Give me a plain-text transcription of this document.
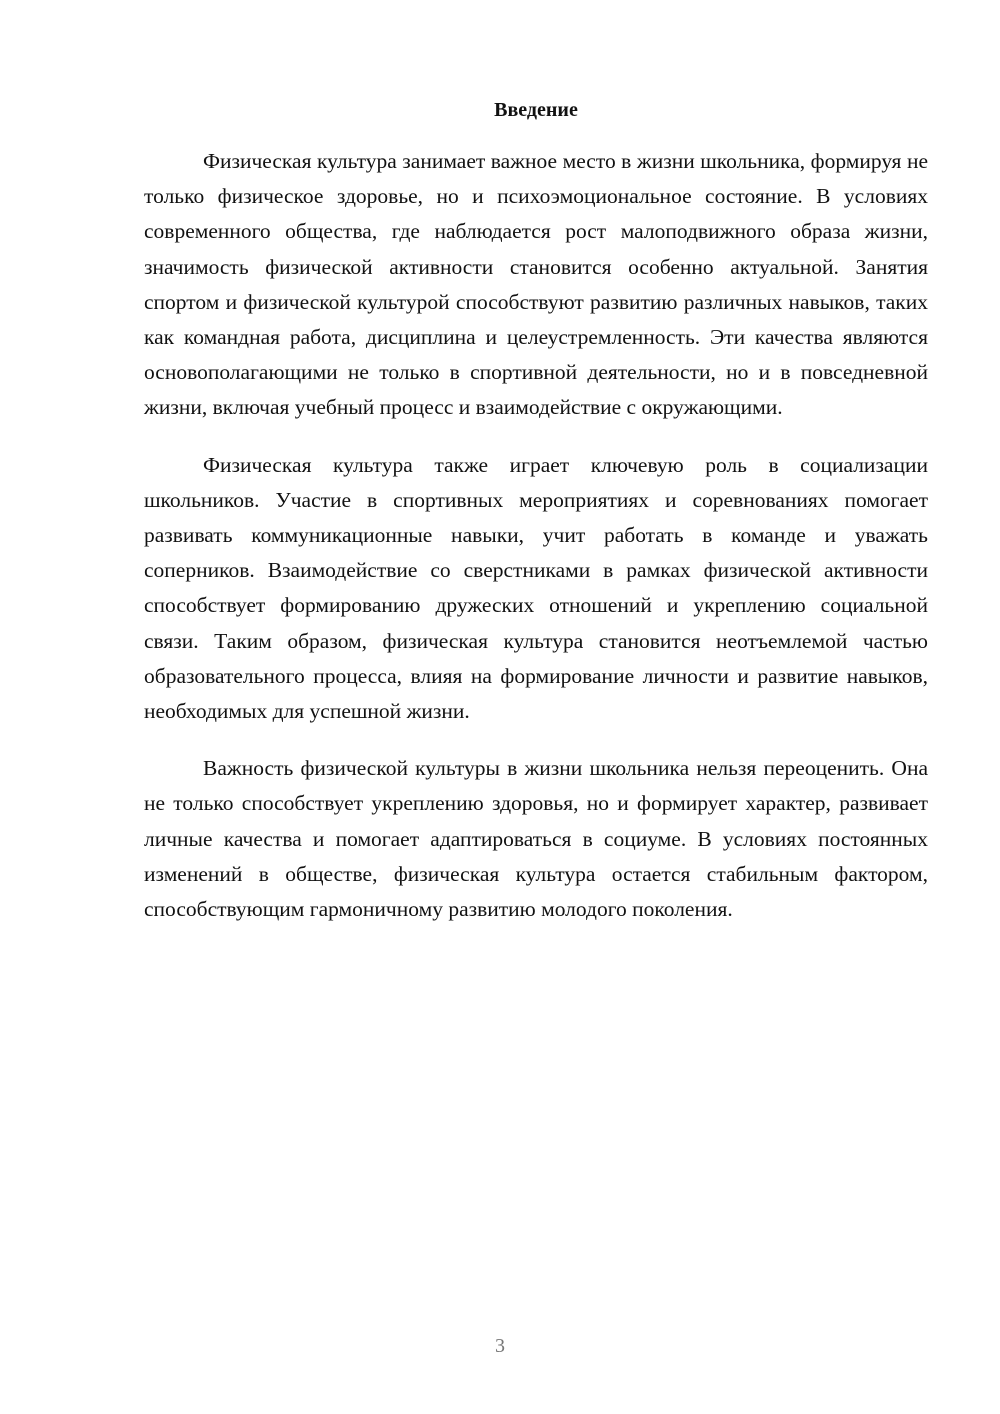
Введение

Физическая культура занимает важное место в жизни школьника, формируя не только физическое здоровье, но и психоэмоциональное состояние. В условиях современного общества, где наблюдается рост малоподвижного образа жизни, значимость физической активности становится особенно актуальной. Занятия спортом и физической культурой способствуют развитию различных навыков, таких как командная работа, дисциплина и целеустремленность. Эти качества являются основополагающими не только в спортивной деятельности, но и в повседневной жизни, включая учебный процесс и взаимодействие с окружающими.

Физическая культура также играет ключевую роль в социализации школьников. Участие в спортивных мероприятиях и соревнованиях помогает развивать коммуникационные навыки, учит работать в команде и уважать соперников. Взаимодействие со сверстниками в рамках физической активности способствует формированию дружеских отношений и укреплению социальной связи. Таким образом, физическая культура становится неотъемлемой частью образовательного процесса, влияя на формирование личности и развитие навыков, необходимых для успешной жизни.

Важность физической культуры в жизни школьника нельзя переоценить. Она не только способствует укреплению здоровья, но и формирует характер, развивает личные качества и помогает адаптироваться в социуме. В условиях постоянных изменений в обществе, физическая культура остается стабильным фактором, способствующим гармоничному развитию молодого поколения.

3
